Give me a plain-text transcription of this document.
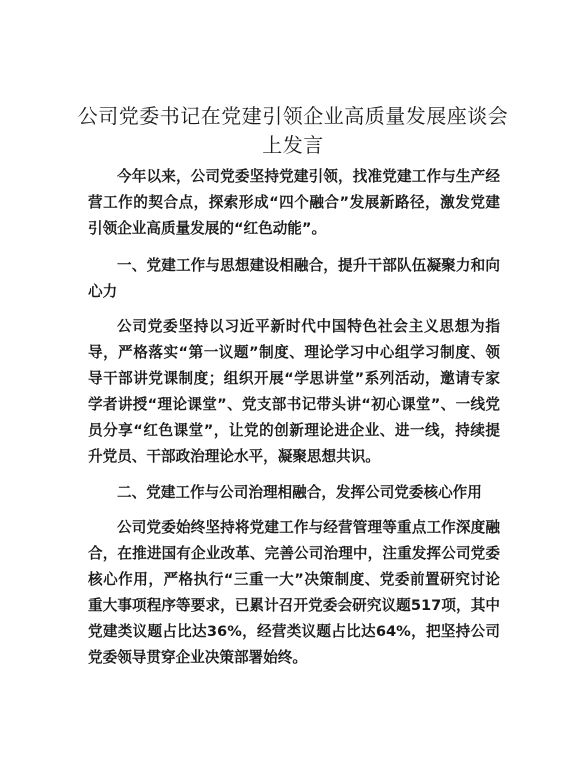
公司党委书记在党建引领企业高质量发展座谈会上发言

今年以来，公司党委坚持党建引领，找准党建工作与生产经营工作的契合点，探索形成“四个融合”发展新路径，激发党建引领企业高质量发展的“红色动能”。

一、党建工作与思想建设相融合，提升干部队伍凝聚力和向心力

公司党委坚持以习近平新时代中国特色社会主义思想为指导，严格落实“第一议题”制度、理论学习中心组学习制度、领导干部讲党课制度；组织开展“学思讲堂”系列活动，邀请专家学者讲授“理论课堂”、党支部书记带头讲“初心课堂”、一线党员分享“红色课堂”，让党的创新理论进企业、进一线，持续提升党员、干部政治理论水平，凝聚思想共识。

二、党建工作与公司治理相融合，发挥公司党委核心作用

公司党委始终坚持将党建工作与经营管理等重点工作深度融合，在推进国有企业改革、完善公司治理中，注重发挥公司党委核心作用，严格执行“三重一大”决策制度、党委前置研究讨论重大事项程序等要求，已累计召开党委会研究议题517项，其中党建类议题占比达36%，经营类议题占比达64%，把坚持公司党委领导贯穿企业决策部署始终。
